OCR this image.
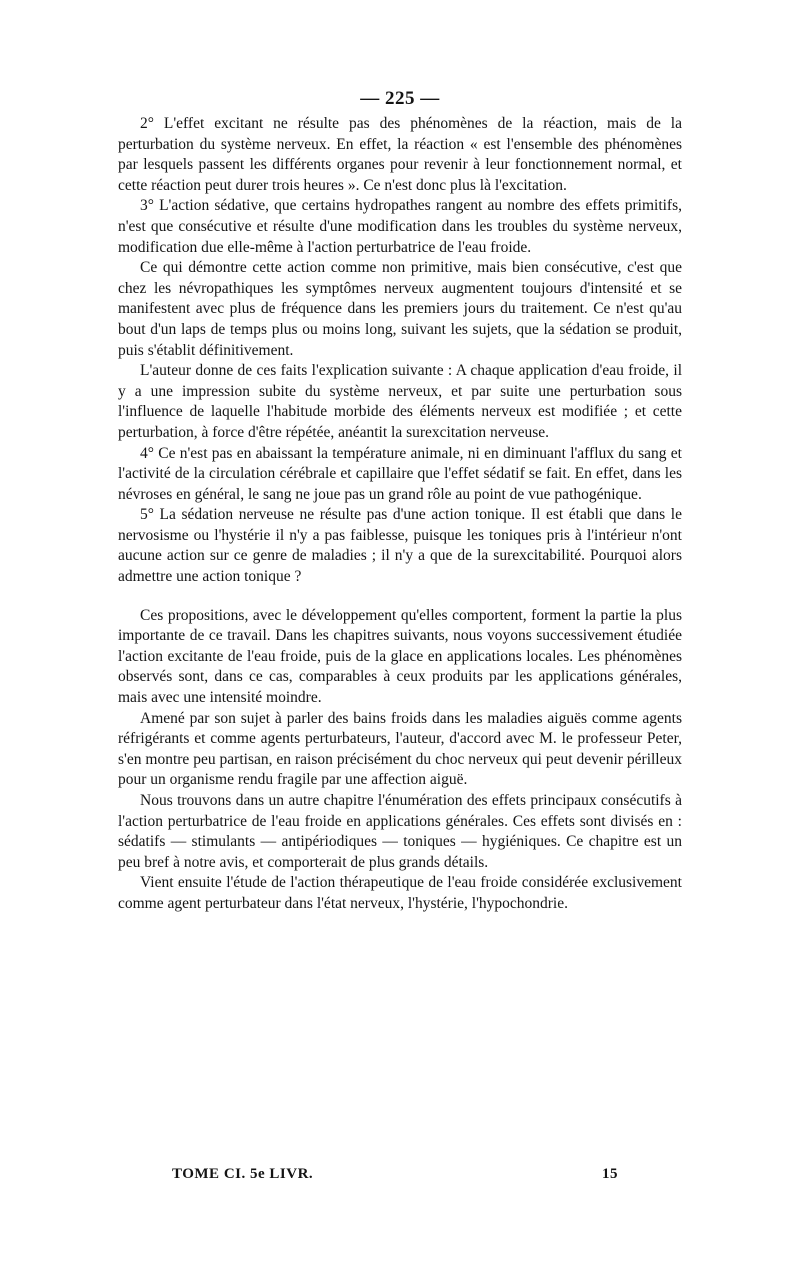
— 225 —

2° L'effet excitant ne résulte pas des phénomènes de la réaction, mais de la perturbation du système nerveux. En effet, la réaction « est l'ensemble des phénomènes par lesquels passent les différents organes pour revenir à leur fonctionnement normal, et cette réaction peut durer trois heures ». Ce n'est donc plus là l'excitation.

3° L'action sédative, que certains hydropathes rangent au nombre des effets primitifs, n'est que consécutive et résulte d'une modification dans les troubles du système nerveux, modification due elle-même à l'action perturbatrice de l'eau froide.

Ce qui démontre cette action comme non primitive, mais bien consécutive, c'est que chez les névropathiques les symptômes nerveux augmentent toujours d'intensité et se manifestent avec plus de fréquence dans les premiers jours du traitement. Ce n'est qu'au bout d'un laps de temps plus ou moins long, suivant les sujets, que la sédation se produit, puis s'établit définitivement.

L'auteur donne de ces faits l'explication suivante : A chaque application d'eau froide, il y a une impression subite du système nerveux, et par suite une perturbation sous l'influence de laquelle l'habitude morbide des éléments nerveux est modifiée ; et cette perturbation, à force d'être répétée, anéantit la surexcitation nerveuse.

4° Ce n'est pas en abaissant la température animale, ni en diminuant l'afflux du sang et l'activité de la circulation cérébrale et capillaire que l'effet sédatif se fait. En effet, dans les névroses en général, le sang ne joue pas un grand rôle au point de vue pathogénique.

5° La sédation nerveuse ne résulte pas d'une action tonique. Il est établi que dans le nervosisme ou l'hystérie il n'y a pas faiblesse, puisque les toniques pris à l'intérieur n'ont aucune action sur ce genre de maladies ; il n'y a que de la surexcitabilité. Pourquoi alors admettre une action tonique ?

Ces propositions, avec le développement qu'elles comportent, forment la partie la plus importante de ce travail. Dans les chapitres suivants, nous voyons successivement étudiée l'action excitante de l'eau froide, puis de la glace en applications locales. Les phénomènes observés sont, dans ce cas, comparables à ceux produits par les applications générales, mais avec une intensité moindre.

Amené par son sujet à parler des bains froids dans les maladies aiguës comme agents réfrigérants et comme agents perturbateurs, l'auteur, d'accord avec M. le professeur Peter, s'en montre peu partisan, en raison précisément du choc nerveux qui peut devenir périlleux pour un organisme rendu fragile par une affection aiguë.

Nous trouvons dans un autre chapitre l'énumération des effets principaux consécutifs à l'action perturbatrice de l'eau froide en applications générales. Ces effets sont divisés en : sédatifs — stimulants — antipériodiques — toniques — hygiéniques. Ce chapitre est un peu bref à notre avis, et comporterait de plus grands détails.

Vient ensuite l'étude de l'action thérapeutique de l'eau froide considérée exclusivement comme agent perturbateur dans l'état nerveux, l'hystérie, l'hypochondrie.

TOME CI. 5e LIVR.	15
